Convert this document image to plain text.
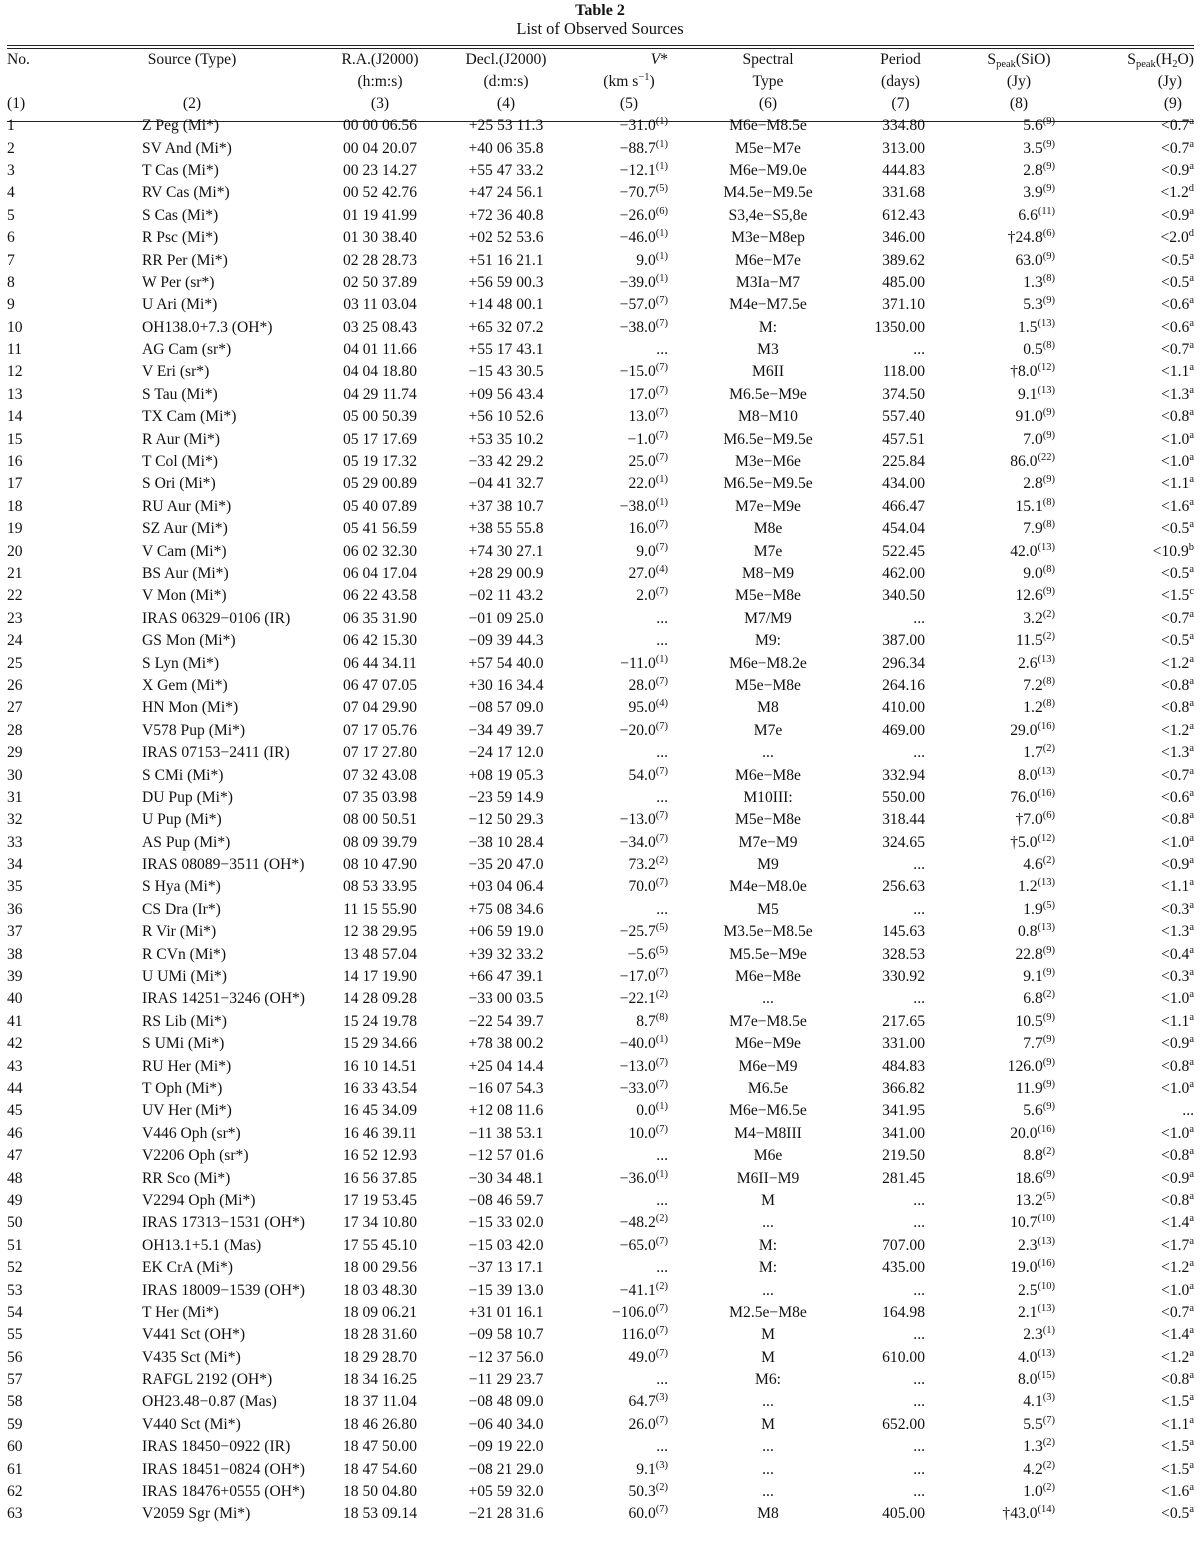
Table 2
List of Observed Sources
No.	Source (Type)	R.A.(J2000)	Decl.(J2000)	V*	Spectral	Period	$S_{peak}(SiO)$	$S_{peak}(H_2O)$
		(h:m:s)	(d:m:s)	(km $s^{-1}$)	Type	(days)	(Jy)	(Jy)
(1)	(2)	(3)	(4)	(5)	(6)	(7)	(8)	(9)
1	Z Peg (Mi*)	00 00 06.56	+25 53 11.3	$-31.0^{(1)}$	M6e−M8.5e	334.80	$5.6^{(9)}$	<0.7$^a$
2	SV And (Mi*)	00 04 20.07	+40 06 35.8	$-88.7^{(1)}$	M5e−M7e	313.00	$3.5^{(9)}$	<0.7$^a$
3	T Cas (Mi*)	00 23 14.27	+55 47 33.2	$-12.1^{(1)}$	M6e−M9.0e	444.83	$2.8^{(9)}$	<0.9$^a$
4	RV Cas (Mi*)	00 52 42.76	+47 24 56.1	$-70.7^{(5)}$	M4.5e−M9.5e	331.68	$3.9^{(9)}$	<1.2$^d$
5	S Cas (Mi*)	01 19 41.99	+72 36 40.8	$-26.0^{(6)}$	S3,4e−S5,8e	612.43	$6.6^{(11)}$	<0.9$^a$
6	R Psc (Mi*)	01 30 38.40	+02 52 53.6	$-46.0^{(1)}$	M3e−M8ep	346.00	$\dagger 24.8^{(6)}$	<2.0$^d$
7	RR Per (Mi*)	02 28 28.73	+51 16 21.1	9.0$^{(1)}$	M6e−M7e	389.62	$63.0^{(9)}$	<0.5$^a$
8	W Per (sr*)	02 50 37.89	+56 59 00.3	$-39.0^{(1)}$	M3Ia−M7	485.00	$1.3^{(8)}$	<0.5$^a$
9	U Ari (Mi*)	03 11 03.04	+14 48 00.1	$-57.0^{(7)}$	M4e−M7.5e	371.10	$5.3^{(9)}$	<0.6$^a$
10	OH138.0+7.3 (OH*)	03 25 08.43	+65 32 07.2	$-38.0^{(7)}$	M:	1350.00	$1.5^{(13)}$	<0.6$^a$
11	AG Cam (sr*)	04 01 11.66	+55 17 43.1	...	M3	...	$0.5^{(8)}$	<0.7$^a$
12	V Eri (sr*)	04 04 18.80	−15 43 30.5	$-15.0^{(7)}$	M6II	118.00	$\dagger 8.0^{(12)}$	<1.1$^a$
13	S Tau (Mi*)	04 29 11.74	+09 56 43.4	17.0$^{(7)}$	M6.5e−M9e	374.50	$9.1^{(13)}$	<1.3$^a$
14	TX Cam (Mi*)	05 00 50.39	+56 10 52.6	13.0$^{(7)}$	M8−M10	557.40	$91.0^{(9)}$	<0.8$^a$
15	R Aur (Mi*)	05 17 17.69	+53 35 10.2	$-1.0^{(7)}$	M6.5e−M9.5e	457.51	$7.0^{(9)}$	<1.0$^a$
16	T Col (Mi*)	05 19 17.32	−33 42 29.2	25.0$^{(7)}$	M3e−M6e	225.84	$86.0^{(22)}$	<1.0$^a$
17	S Ori (Mi*)	05 29 00.89	−04 41 32.7	22.0$^{(1)}$	M6.5e−M9.5e	434.00	$2.8^{(9)}$	<1.1$^a$
18	RU Aur (Mi*)	05 40 07.89	+37 38 10.7	$-38.0^{(1)}$	M7e−M9e	466.47	$15.1^{(8)}$	<1.6$^a$
19	SZ Aur (Mi*)	05 41 56.59	+38 55 55.8	16.0$^{(7)}$	M8e	454.04	$7.9^{(8)}$	<0.5$^a$
20	V Cam (Mi*)	06 02 32.30	+74 30 27.1	9.0$^{(7)}$	M7e	522.45	$42.0^{(13)}$	<10.9$^b$
21	BS Aur (Mi*)	06 04 17.04	+28 29 00.9	27.0$^{(4)}$	M8−M9	462.00	$9.0^{(8)}$	<0.5$^a$
22	V Mon (Mi*)	06 22 43.58	−02 11 43.2	2.0$^{(7)}$	M5e−M8e	340.50	$12.6^{(9)}$	<1.5$^c$
23	IRAS 06329−0106 (IR)	06 35 31.90	−01 09 25.0	...	M7/M9	...	$3.2^{(2)}$	<0.7$^a$
24	GS Mon (Mi*)	06 42 15.30	−09 39 44.3	...	M9:	387.00	$11.5^{(2)}$	<0.5$^a$
25	S Lyn (Mi*)	06 44 34.11	+57 54 40.0	$-11.0^{(1)}$	M6e−M8.2e	296.34	$2.6^{(13)}$	<1.2$^a$
26	X Gem (Mi*)	06 47 07.05	+30 16 34.4	28.0$^{(7)}$	M5e−M8e	264.16	$7.2^{(8)}$	<0.8$^a$
27	HN Mon (Mi*)	07 04 29.90	−08 57 09.0	95.0$^{(4)}$	M8	410.00	$1.2^{(8)}$	<0.8$^a$
28	V578 Pup (Mi*)	07 17 05.76	−34 49 39.7	$-20.0^{(7)}$	M7e	469.00	$29.0^{(16)}$	<1.2$^a$
29	IRAS 07153−2411 (IR)	07 17 27.80	−24 17 12.0	...	...	...	$1.7^{(2)}$	<1.3$^a$
30	S CMi (Mi*)	07 32 43.08	+08 19 05.3	54.0$^{(7)}$	M6e−M8e	332.94	$8.0^{(13)}$	<0.7$^a$
31	DU Pup (Mi*)	07 35 03.98	−23 59 14.9	...	M10III:	550.00	$76.0^{(16)}$	<0.6$^a$
32	U Pup (Mi*)	08 00 50.51	−12 50 29.3	$-13.0^{(7)}$	M5e−M8e	318.44	$\dagger 7.0^{(6)}$	<0.8$^a$
33	AS Pup (Mi*)	08 09 39.79	−38 10 28.4	$-34.0^{(7)}$	M7e−M9	324.65	$\dagger 5.0^{(12)}$	<1.0$^a$
34	IRAS 08089−3511 (OH*)	08 10 47.90	−35 20 47.0	73.2$^{(2)}$	M9	...	$4.6^{(2)}$	<0.9$^a$
35	S Hya (Mi*)	08 53 33.95	+03 04 06.4	70.0$^{(7)}$	M4e−M8.0e	256.63	$1.2^{(13)}$	<1.1$^a$
36	CS Dra (Ir*)	11 15 55.90	+75 08 34.6	...	M5	...	$1.9^{(5)}$	<0.3$^a$
37	R Vir (Mi*)	12 38 29.95	+06 59 19.0	$-25.7^{(5)}$	M3.5e−M8.5e	145.63	$0.8^{(13)}$	<1.3$^a$
38	R CVn (Mi*)	13 48 57.04	+39 32 33.2	$-5.6^{(5)}$	M5.5e−M9e	328.53	$22.8^{(9)}$	<0.4$^a$
39	U UMi (Mi*)	14 17 19.90	+66 47 39.1	$-17.0^{(7)}$	M6e−M8e	330.92	$9.1^{(9)}$	<0.3$^a$
40	IRAS 14251−3246 (OH*)	14 28 09.28	−33 00 03.5	$-22.1^{(2)}$	...	...	$6.8^{(2)}$	<1.0$^a$
41	RS Lib (Mi*)	15 24 19.78	−22 54 39.7	8.7$^{(8)}$	M7e−M8.5e	217.65	$10.5^{(9)}$	<1.1$^a$
42	S UMi (Mi*)	15 29 34.66	+78 38 00.2	$-40.0^{(1)}$	M6e−M9e	331.00	$7.7^{(9)}$	<0.9$^a$
43	RU Her (Mi*)	16 10 14.51	+25 04 14.4	$-13.0^{(7)}$	M6e−M9	484.83	$126.0^{(9)}$	<0.8$^a$
44	T Oph (Mi*)	16 33 43.54	−16 07 54.3	$-33.0^{(7)}$	M6.5e	366.82	$11.9^{(9)}$	<1.0$^a$
45	UV Her (Mi*)	16 45 34.09	+12 08 11.6	0.0$^{(1)}$	M6e−M6.5e	341.95	5.6$^{(9)}$	...
46	V446 Oph (sr*)	16 46 39.11	−11 38 53.1	10.0$^{(7)}$	M4−M8III	341.00	$20.0^{(16)}$	<1.0$^a$
47	V2206 Oph (sr*)	16 52 12.93	−12 57 01.6	...	M6e	219.50	$8.8^{(2)}$	<0.8$^a$
48	RR Sco (Mi*)	16 56 37.85	−30 34 48.1	$-36.0^{(1)}$	M6II−M9	281.45	$18.6^{(9)}$	<0.9$^a$
49	V2294 Oph (Mi*)	17 19 53.45	−08 46 59.7	...	M	...	$13.2^{(5)}$	<0.8$^a$
50	IRAS 17313−1531 (OH*)	17 34 10.80	−15 33 02.0	$-48.2^{(2)}$	...	...	$10.7^{(10)}$	<1.4$^a$
51	OH13.1+5.1 (Mas)	17 55 45.10	−15 03 42.0	$-65.0^{(7)}$	M:	707.00	$2.3^{(13)}$	<1.7$^a$
52	EK CrA (Mi*)	18 00 29.56	−37 13 17.1	...	M:	435.00	$19.0^{(16)}$	<1.2$^a$
53	IRAS 18009−1539 (OH*)	18 03 48.30	−15 39 13.0	$-41.1^{(2)}$	...	...	$2.5^{(10)}$	<1.0$^a$
54	T Her (Mi*)	18 09 06.21	+31 01 16.1	$-106.0^{(7)}$	M2.5e−M8e	164.98	$2.1^{(13)}$	<0.7$^a$
55	V441 Sct (OH*)	18 28 31.60	−09 58 10.7	116.0$^{(7)}$	M	...	$2.3^{(1)}$	<1.4$^a$
56	V435 Sct (Mi*)	18 29 28.70	−12 37 56.0	49.0$^{(7)}$	M	610.00	$4.0^{(13)}$	<1.2$^a$
57	RAFGL 2192 (OH*)	18 34 16.25	−11 29 23.7	...	M6:	...	$8.0^{(15)}$	<0.8$^a$
58	OH23.48−0.87 (Mas)	18 37 11.04	−08 48 09.0	64.7$^{(3)}$	...	...	$4.1^{(3)}$	<1.5$^a$
59	V440 Sct (Mi*)	18 46 26.80	−06 40 34.0	26.0$^{(7)}$	M	652.00	$5.5^{(7)}$	<1.1$^a$
60	IRAS 18450−0922 (IR)	18 47 50.00	−09 19 22.0	...	...	...	$1.3^{(2)}$	<1.5$^a$
61	IRAS 18451−0824 (OH*)	18 47 54.60	−08 21 29.0	9.1$^{(3)}$	...	...	$4.2^{(2)}$	<1.5$^a$
62	IRAS 18476+0555 (OH*)	18 50 04.80	+05 59 32.0	50.3$^{(2)}$	...	...	$1.0^{(2)}$	<1.6$^a$
63	V2059 Sgr (Mi*)	18 53 09.14	−21 28 31.6	60.0$^{(7)}$	M8	405.00	$\dagger 43.0^{(14)}$	<0.5$^a$
